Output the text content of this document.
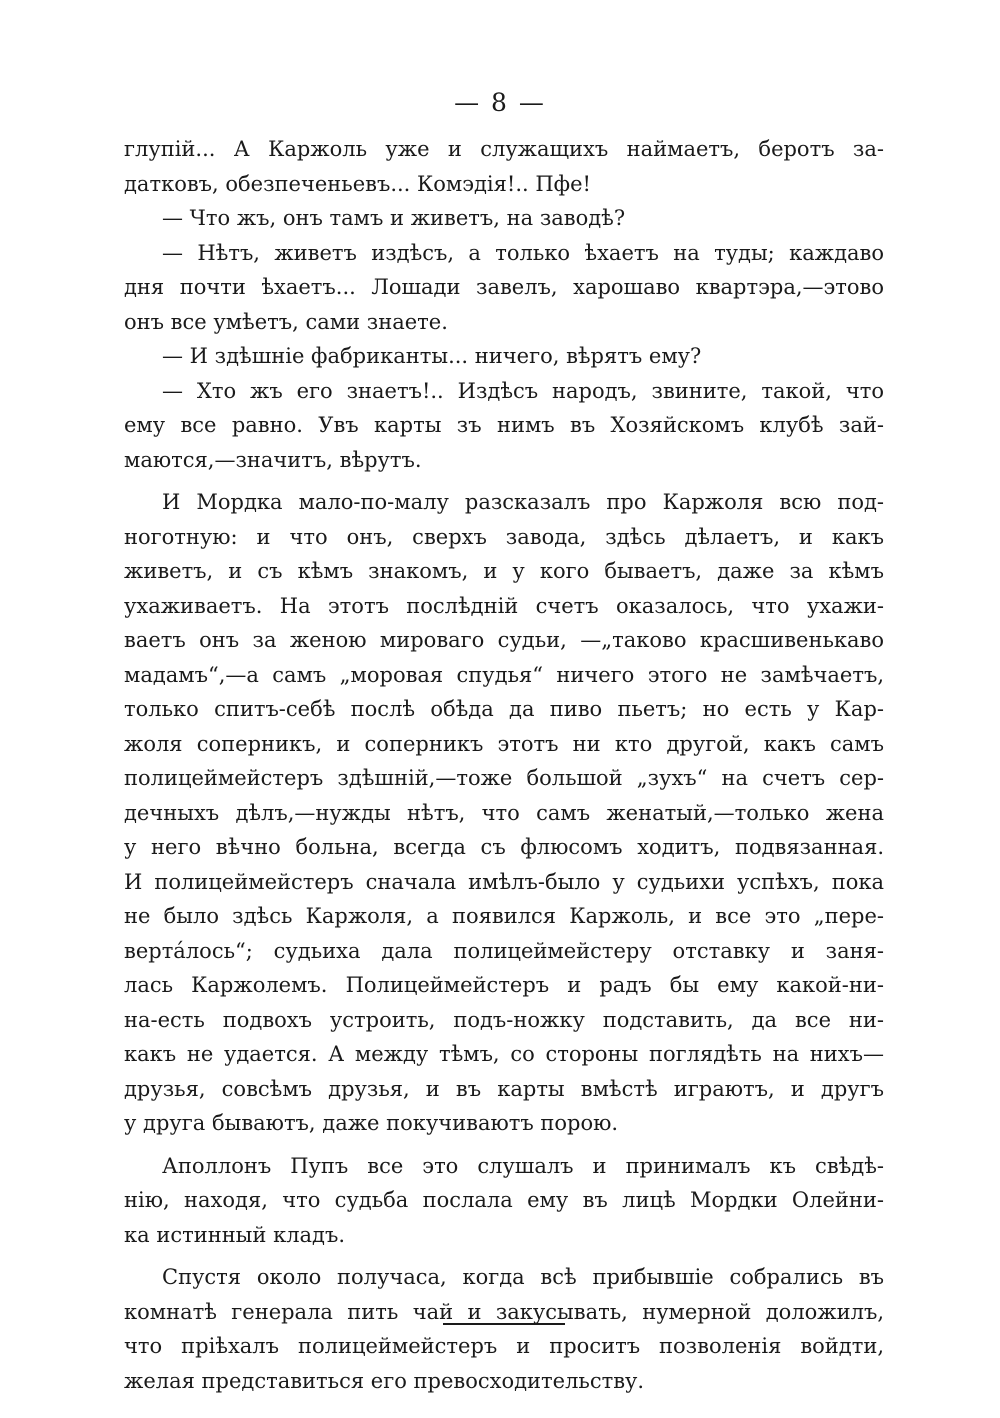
— 8 —
глупій... А Каржоль уже и служащихъ наймаетъ, беротъ за-
датковъ, обезпеченьевъ... Комэдія!.. Пфе!
— Что жъ, онъ тамъ и живетъ, на заводѣ?
— Нѣтъ, живетъ издѣсъ, а только ѣхаетъ на туды; каждаво
дня почти ѣхаетъ... Лошади завелъ, харошаво квартэра,—этово
онъ все умѣетъ, сами знаете.
— И здѣшніе фабриканты... ничего, вѣрятъ ему?
— Хто жъ его знаетъ!.. Издѣсъ народъ, звините, такой, что
ему все равно. Увъ карты зъ нимъ въ Хозяйскомъ клубѣ зай-
маются,—значитъ, вѣрутъ.
И Мордка мало-по-малу разсказалъ про Каржоля всю под-
ноготную: и что онъ, сверхъ завода, здѣсь дѣлаетъ, и какъ
живетъ, и съ кѣмъ знакомъ, и у кого бываетъ, даже за кѣмъ
ухаживаетъ. На этотъ послѣдній счетъ оказалось, что ухажи-
ваетъ онъ за женою мироваго судьи, —„таково красшивенькаво
мадамъ“,—а самъ „моровая спудья“ ничего этого не замѣчаетъ,
только спитъ-себѣ послѣ обѣда да пиво пьетъ; но есть у Кар-
жоля соперникъ, и соперникъ этотъ ни кто другой, какъ самъ
полицеймейстеръ здѣшній,—тоже большой „зухъ“ на счетъ сер-
дечныхъ дѣлъ,—нужды нѣтъ, что самъ женатый,—только жена
у него вѣчно больна, всегда съ флюсомъ ходитъ, подвязанная.
И полицеймейстеръ сначала имѣлъ-было у судьихи успѣхъ, пока
не было здѣсь Каржоля, а появился Каржоль, и все это „пере-
вертáлось“; судьиха дала полицеймейстеру отставку и заня-
лась Каржолемъ. Полицеймейстеръ и радъ бы ему какой-ни-
на-есть подвохъ устроить, подъ-ножку подставить, да все ни-
какъ не удается. А между тѣмъ, со стороны поглядѣть на нихъ—
друзья, совсѣмъ друзья, и въ карты вмѣстѣ играютъ, и другъ
у друга бываютъ, даже покучиваютъ порою.
Аполлонъ Пупъ все это слушалъ и принималъ къ свѣдѣ-
нію, находя, что судьба послала ему въ лицѣ Мордки Олейни-
ка истинный кладъ.
Спустя около получаса, когда всѣ прибывшіе собрались въ
комнатѣ генерала пить чай и закусывать, нумерной доложилъ,
что пріѣхалъ полицеймейстеръ и проситъ позволенія войдти,
желая представиться его превосходительству.
